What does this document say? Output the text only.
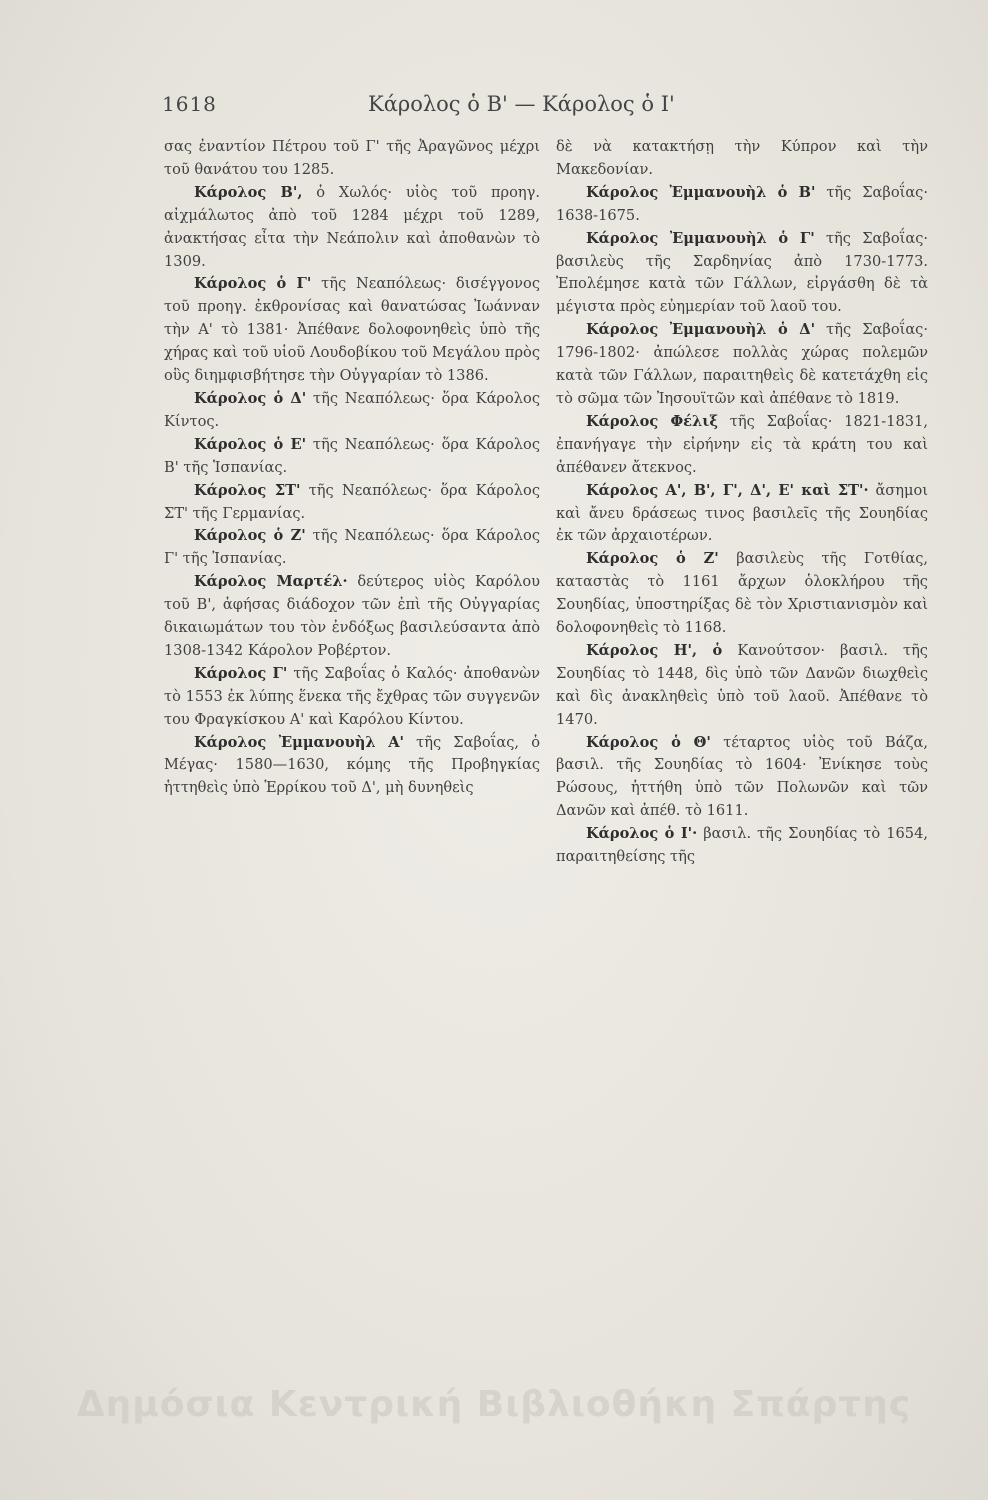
1618	Κάρολος ὁ Β' — Κάρολος ὁ Ι'

σας ἐναντίον Πέτρου τοῦ Γ' τῆς Ἀραγῶνος μέχρι τοῦ θανάτου του 1285.

Κάρολος Β', ὁ Χωλός· υἱὸς τοῦ προηγ. αἰχμάλωτος ἀπὸ τοῦ 1284 μέχρι τοῦ 1289, ἀνακτήσας εἶτα τὴν Νεάπολιν καὶ ἀποθανὼν τὸ 1309.

Κάρολος ὁ Γ' τῆς Νεαπόλεως· δισέγγονος τοῦ προηγ. ἐκθρονίσας καὶ θανατώσας Ἰωάνναν τὴν Α' τὸ 1381· Ἀπέθανε δολοφονηθεὶς ὑπὸ τῆς χήρας καὶ τοῦ υἱοῦ Λουδοβίκου τοῦ Μεγάλου πρὸς οὓς διημφισβήτησε τὴν Οὐγγαρίαν τὸ 1386.

Κάρολος ὁ Δ' τῆς Νεαπόλεως· ὅρα Κάρολος Κίντος.

Κάρολος ὁ Ε' τῆς Νεαπόλεως· ὅρα Κάρολος Β' τῆς Ἱσπανίας.

Κάρολος ΣΤ' τῆς Νεαπόλεως· ὅρα Κάρολος ΣΤ' τῆς Γερμανίας.

Κάρολος ὁ Ζ' τῆς Νεαπόλεως· ὅρα Κάρολος Γ' τῆς Ἱσπανίας.

Κάρολος Μαρτέλ· δεύτερος υἱὸς Καρόλου τοῦ Β', ἀφήσας διάδοχον τῶν ἐπὶ τῆς Οὐγγαρίας δικαιωμάτων του τὸν ἐνδόξως βασιλεύσαντα ἀπὸ 1308-1342 Κάρολον Ροβέρτον.

Κάρολος Γ' τῆς Σαβοΐας ὁ Καλός· ἀποθανὼν τὸ 1553 ἐκ λύπης ἕνεκα τῆς ἔχθρας τῶν συγγενῶν του Φραγκίσκου Α' καὶ Καρόλου Κίντου.

Κάρολος Ἐμμανουὴλ Α' τῆς Σαβοΐας, ὁ Μέγας· 1580—1630, κόμης τῆς Προβηγκίας ἡττηθεὶς ὑπὸ Ἑρρίκου τοῦ Δ', μὴ δυνηθεὶς

δὲ νὰ κατακτήσῃ τὴν Κύπρον καὶ τὴν Μακεδονίαν.

Κάρολος Ἐμμανουὴλ ὁ Β' τῆς Σαβοΐας· 1638-1675.

Κάρολος Ἐμμανουὴλ ὁ Γ' τῆς Σαβοΐας· βασιλεὺς τῆς Σαρδηνίας ἀπὸ 1730-1773. Ἐπολέμησε κατὰ τῶν Γάλλων, εἰργάσθη δὲ τὰ μέγιστα πρὸς εὐημερίαν τοῦ λαοῦ του.

Κάρολος Ἐμμανουὴλ ὁ Δ' τῆς Σαβοΐας· 1796-1802· ἀπώλεσε πολλὰς χώρας πολεμῶν κατὰ τῶν Γάλλων, παραιτηθεὶς δὲ κατετάχθη εἰς τὸ σῶμα τῶν Ἰησουϊτῶν καὶ ἀπέθανε τὸ 1819.

Κάρολος Φέλιξ τῆς Σαβοΐας· 1821-1831, ἐπανήγαγε τὴν εἰρήνην εἰς τὰ κράτη του καὶ ἀπέθανεν ἄτεκνος.

Κάρολος Α', Β', Γ', Δ', Ε' καὶ ΣΤ'· ἄσημοι καὶ ἄνευ δράσεως τινος βασιλεῖς τῆς Σουηδίας ἐκ τῶν ἀρχαιοτέρων.

Κάρολος ὁ Ζ' βασιλεὺς τῆς Γοτθίας, καταστὰς τὸ 1161 ἄρχων ὁλοκλήρου τῆς Σουηδίας, ὑποστηρίξας δὲ τὸν Χριστιανισμὸν καὶ δολοφονηθεὶς τὸ 1168.

Κάρολος Η', ὁ Κανούτσον· βασιλ. τῆς Σουηδίας τὸ 1448, δὶς ὑπὸ τῶν Δανῶν διωχθεὶς καὶ δὶς ἀνακληθεὶς ὑπὸ τοῦ λαοῦ. Ἀπέθανε τὸ 1470.

Κάρολος ὁ Θ' τέταρτος υἱὸς τοῦ Βάζα, βασιλ. τῆς Σουηδίας τὸ 1604· Ἐνίκησε τοὺς Ρώσους, ἡττήθη ὑπὸ τῶν Πολωνῶν καὶ τῶν Δανῶν καὶ ἀπέθ. τὸ 1611.

Κάρολος ὁ Ι'· βασιλ. τῆς Σουηδίας τὸ 1654, παραιτηθείσης τῆς

Δημόσια Κεντρική Βιβλιοθήκη Σπάρτης
